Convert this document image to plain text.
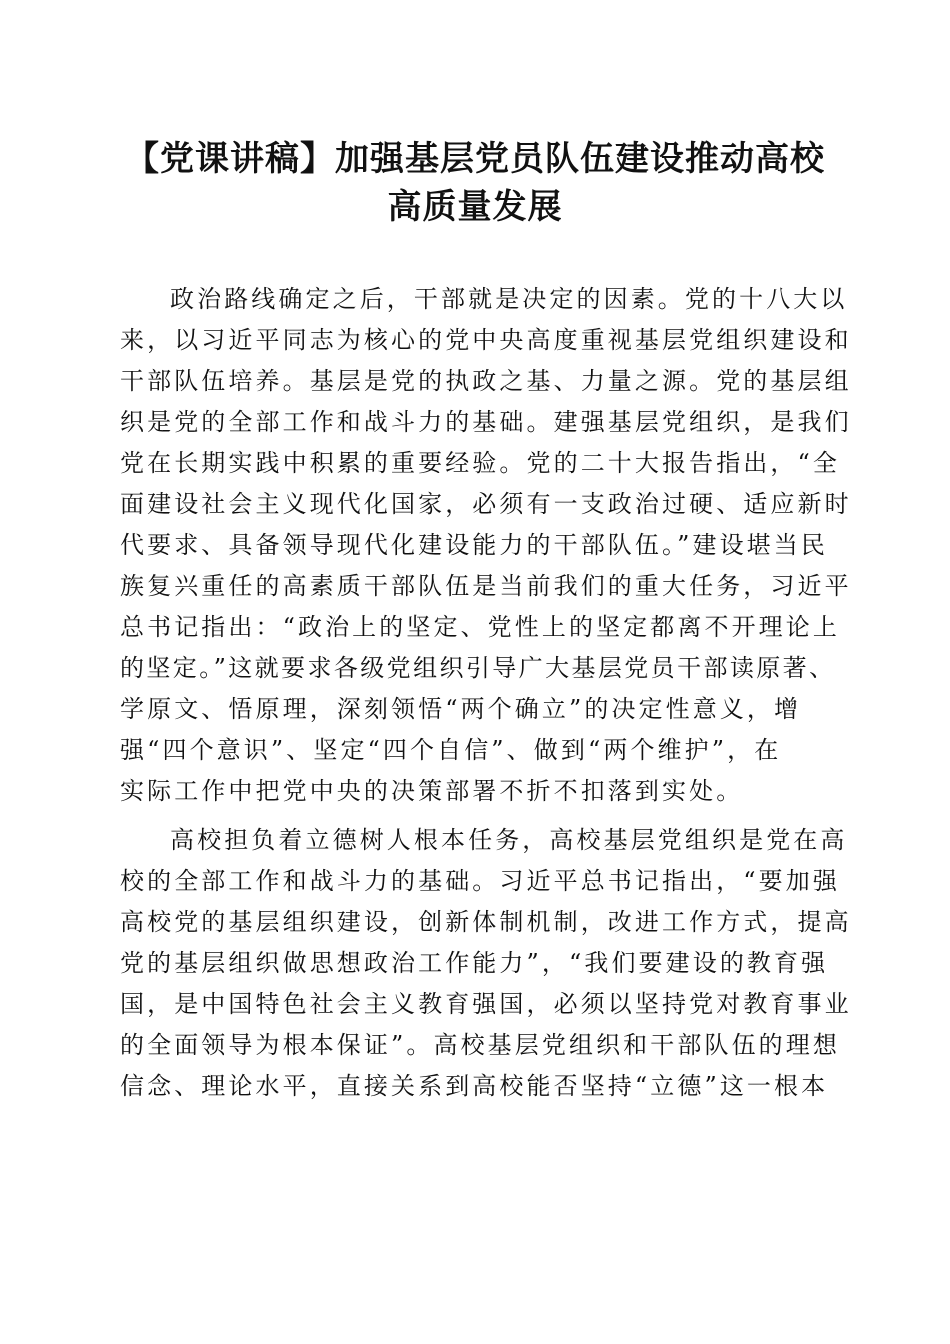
【党课讲稿】加强基层党员队伍建设推动高校
高质量发展
政治路线确定之后，干部就是决定的因素。党的十八大以
来，以习近平同志为核心的党中央高度重视基层党组织建设和
干部队伍培养。基层是党的执政之基、力量之源。党的基层组
织是党的全部工作和战斗力的基础。建强基层党组织，是我们
党在长期实践中积累的重要经验。党的二十大报告指出，“全
面建设社会主义现代化国家，必须有一支政治过硬、适应新时
代要求、具备领导现代化建设能力的干部队伍。”建设堪当民
族复兴重任的高素质干部队伍是当前我们的重大任务，习近平
总书记指出：“政治上的坚定、党性上的坚定都离不开理论上
的坚定。”这就要求各级党组织引导广大基层党员干部读原著、
学原文、悟原理，深刻领悟“两个确立”的决定性意义，增
强“四个意识”、坚定“四个自信”、做到“两个维护”，在
实际工作中把党中央的决策部署不折不扣落到实处。
高校担负着立德树人根本任务，高校基层党组织是党在高
校的全部工作和战斗力的基础。习近平总书记指出，“要加强
高校党的基层组织建设，创新体制机制，改进工作方式，提高
党的基层组织做思想政治工作能力”，“我们要建设的教育强
国，是中国特色社会主义教育强国，必须以坚持党对教育事业
的全面领导为根本保证”。高校基层党组织和干部队伍的理想
信念、理论水平，直接关系到高校能否坚持“立德”这一根本
